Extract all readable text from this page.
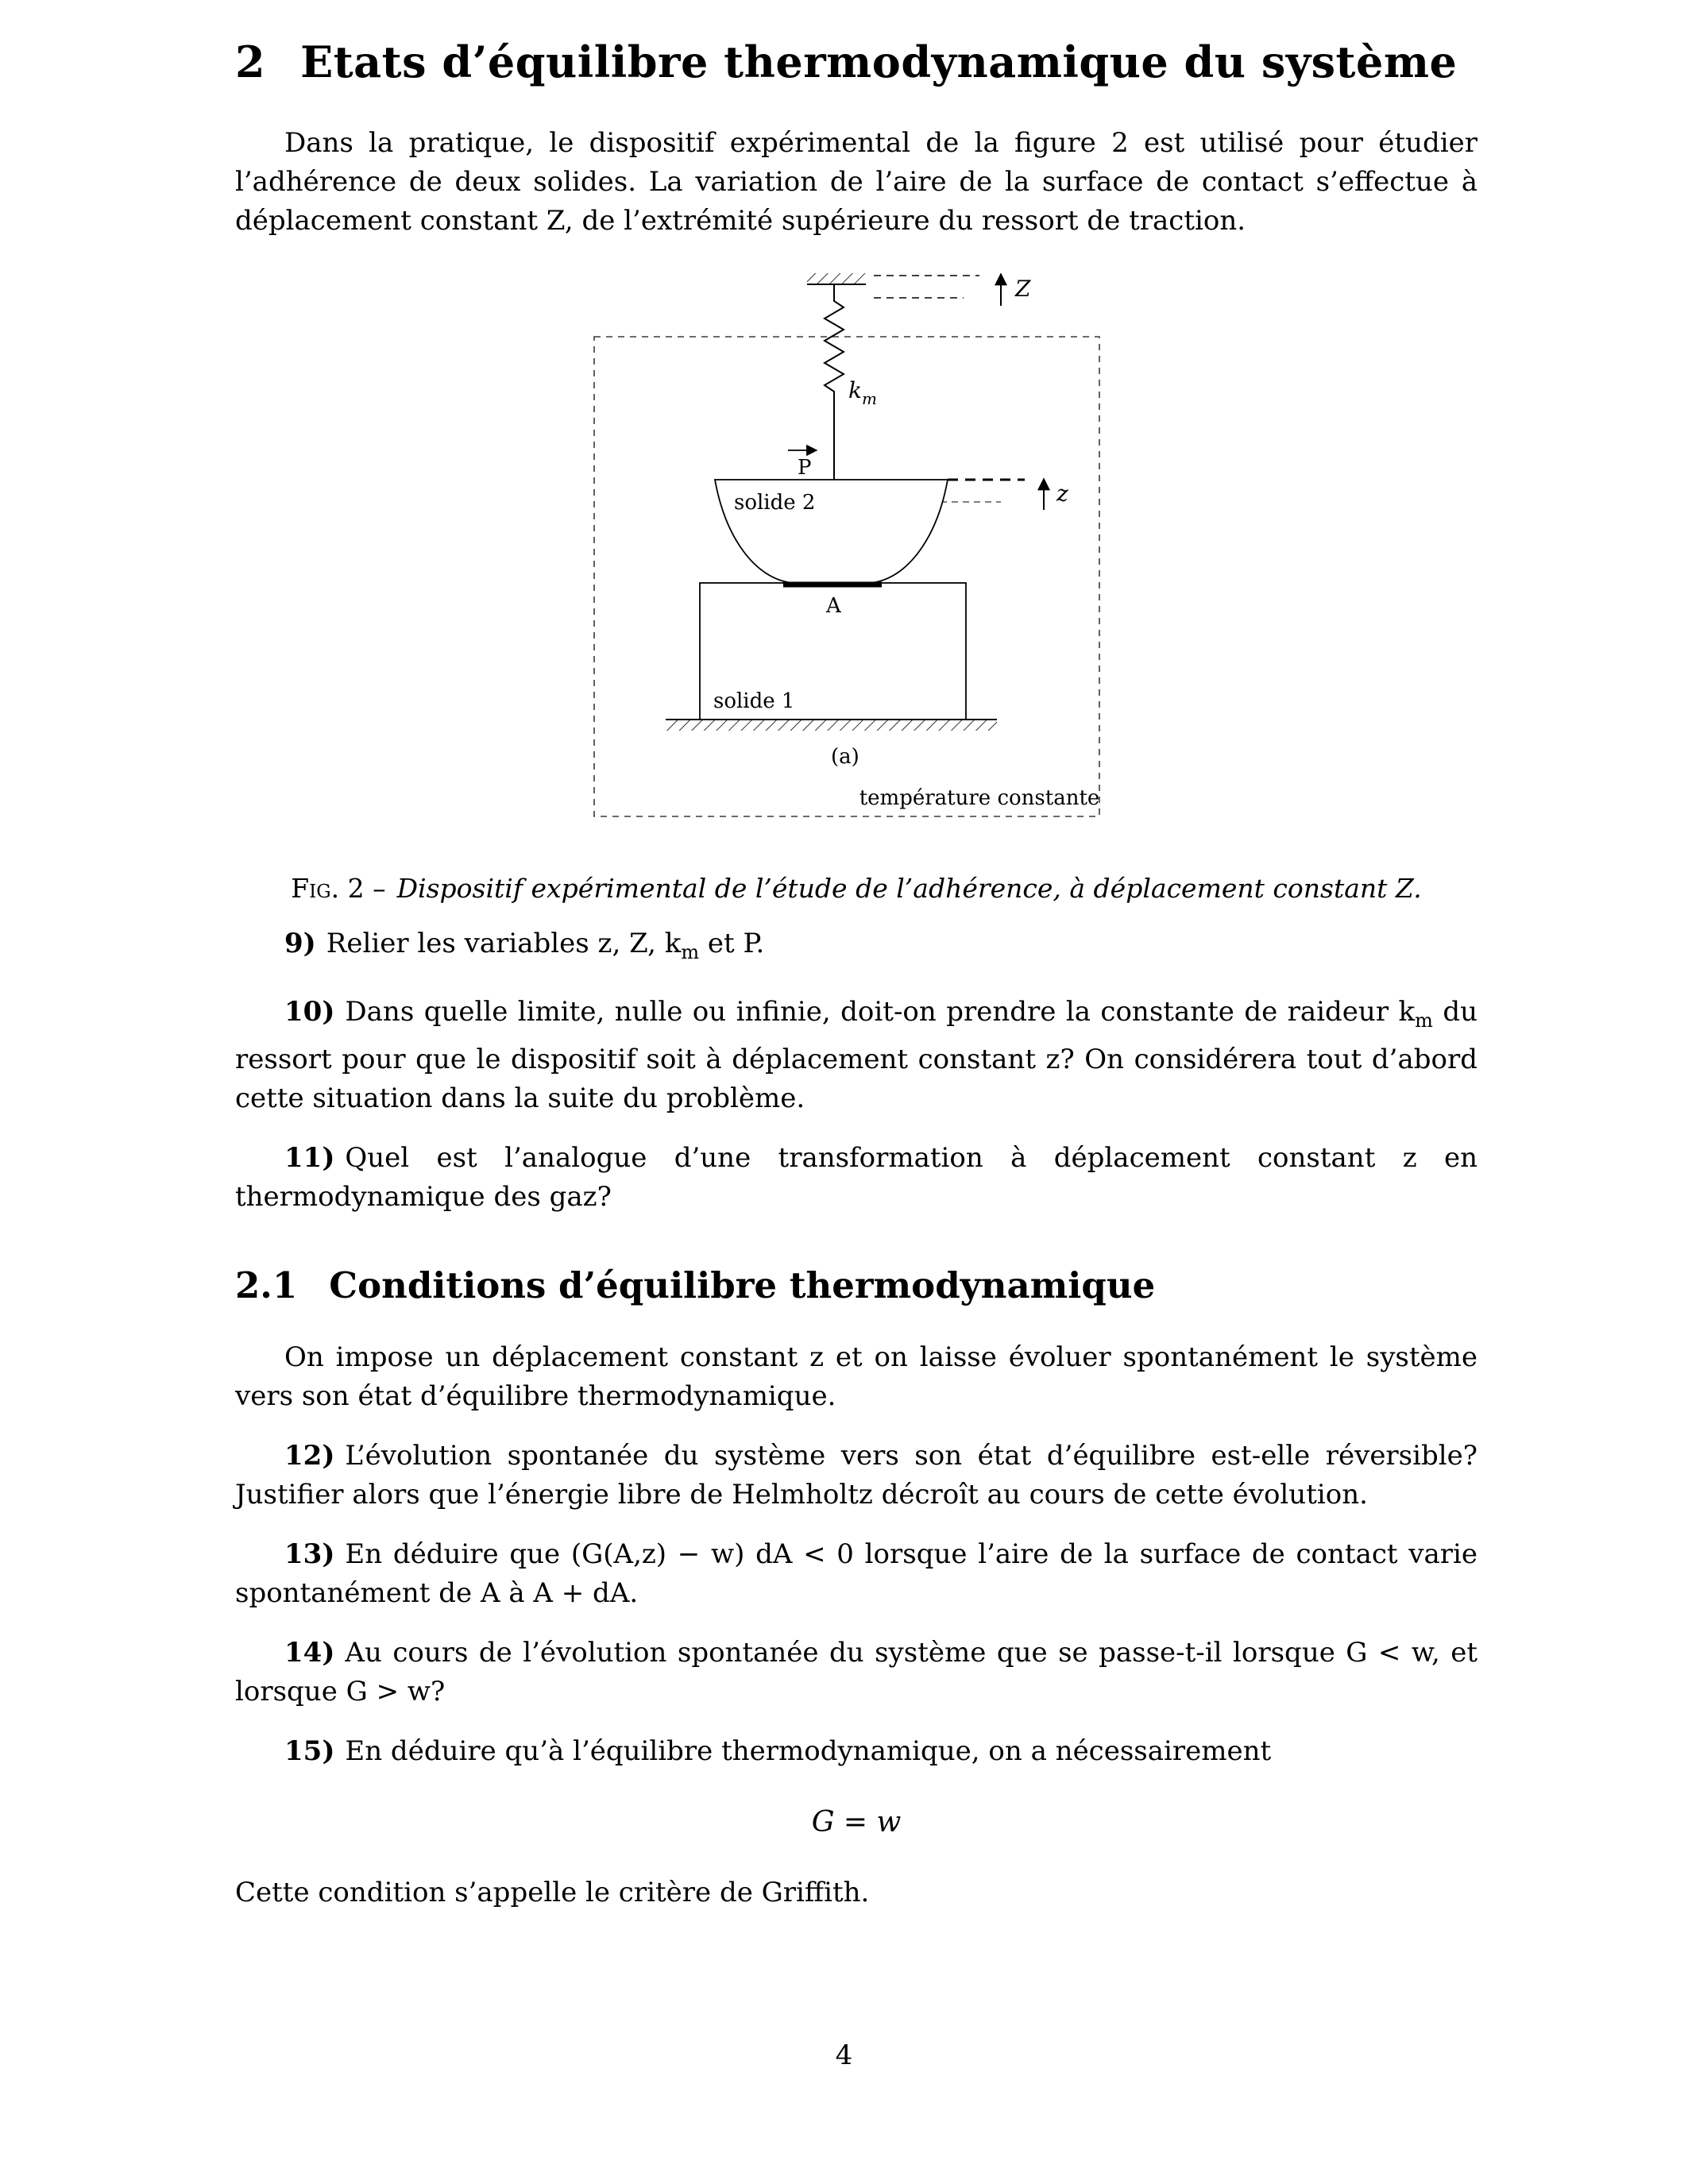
2 Etats d’équilibre thermodynamique du système

Dans la pratique, le dispositif expérimental de la figure 2 est utilisé pour étudier l’adhérence de deux solides. La variation de l’aire de la surface de contact s’effectue à déplacement constant Z, de l’extrémité supérieure du ressort de traction.

Z
km
P
z
A
solide 2
solide 1
(a)
température constante
Fig. 2 – Dispositif expérimental de l’étude de l’adhérence, à déplacement constant Z.

9) Relier les variables z, Z, $k_m$ et P.

10) Dans quelle limite, nulle ou infinie, doit-on prendre la constante de raideur $k_m$ du ressort pour que le dispositif soit à déplacement constant z? On considérera tout d’abord cette situation dans la suite du problème.

11) Quel est l’analogue d’une transformation à déplacement constant z en thermodynamique des gaz?

2.1 Conditions d’équilibre thermodynamique

On impose un déplacement constant z et on laisse évoluer spontanément le système vers son état d’équilibre thermodynamique.

12) L’évolution spontanée du système vers son état d’équilibre est-elle réversible? Justifier alors que l’énergie libre de Helmholtz décroît au cours de cette évolution.

13) En déduire que (G(A,z) − w) dA < 0 lorsque l’aire de la surface de contact varie spontanément de A à A + dA.

14) Au cours de l’évolution spontanée du système que se passe-t-il lorsque G < w, et lorsque G > w?

15) En déduire qu’à l’équilibre thermodynamique, on a nécessairement

G = w

Cette condition s’appelle le critère de Griffith.

4
